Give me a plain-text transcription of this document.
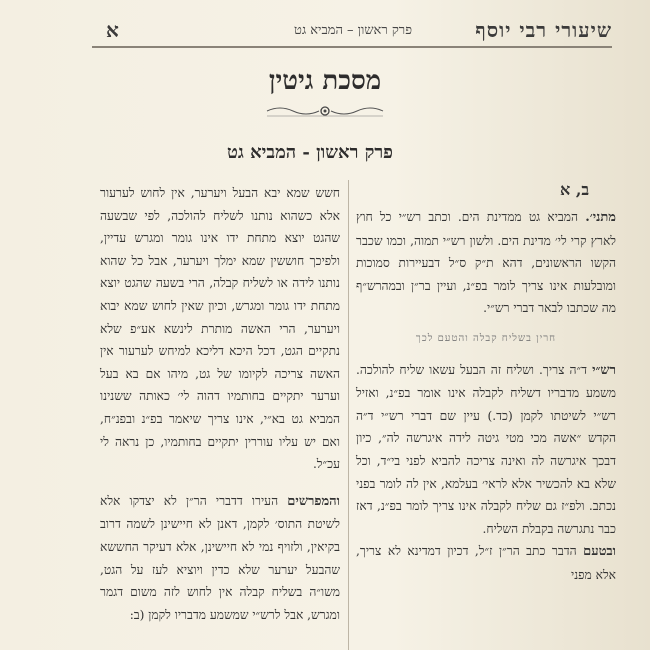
שיעורי רבי יוסף
פרק ראשון – המביא גט
א
מסכת גיטין
פרק ראשון - המביא גט
ב, א

מתני׳. המביא גט ממדינת הים. וכתב רש״י כל חוץ לארץ קרי לי׳ מדינת הים. ולשון רש״י תמוה, וכמו שכבר הקשו הראשונים, דהא ת״ק ס״ל דבעיירות סמוכות ומובלעות אינו צריך לומר בפ״נ, ועיין בר״ן ובמהרש״ף מה שכתבו לבאר דברי רש״י.

חרין בשליח קבלה והטעם לכך

רש״י ד״ה צריך. ושליח זה הבעל עשאו שליח להולכה. משמע מדבריו דשליח לקבלה אינו אומר בפ״נ, ואזיל רש״י לשיטתו לקמן (כד.) עיין שם דברי רש״י ד״ה הקדש ״אשה מכי מטי גיטה לידה איגרשה לה״, כיון דבכך איגרשה לה ואינה צריכה להביא לפני בי״ד, וכל שלא בא להכשיר אלא לראי׳ בעלמא, אין לה לומר בפני נכתב. ולפ״ז גם שליח לקבלה אינו צריך לומר בפ״נ, דאז כבר נתגרשה בקבלת השליח.

ובטעם הדבר כתב הר״ן ז״ל, דכיון דמדינא לא צריך, אלא מפני

חשש שמא יבא הבעל ויערער, אין לחוש לערעור אלא כשהוא נותנו לשליח להולכה, לפי שבשעה שהגט יוצא מתחת ידו אינו גומר ומגרש עדיין, ולפיכך חוששין שמא ימלך ויערער, אבל כל שהוא נותנו לידה או לשליח קבלה, הרי בשעה שהגט יוצא מתחת ידו גומר ומגרש, וכיון שאין לחוש שמא יבוא ויערער, הרי האשה מותרת לינשא אע״פ שלא נתקיים הגט, דכל היכא דליכא למיחש לערעור אין האשה צריכה לקיומו של גט, מיהו אם בא בעל וערער יתקיים בחותמיו דהוה לי׳ כאותה ששנינו המביא גט בא״י, אינו צריך שיאמר בפ״נ ובפנ״ח, ואם יש עליו עוררין יתקיים בחותמיו, כן נראה לי עכ״ל.

והמפרשים העירו דדברי הר״ן לא יצדקו אלא לשיטת התוס׳ לקמן, דאנן לא חיישינן לשמה דרוב בקיאין, ולזויף נמי לא חיישינן, אלא דעיקר החששא שהבעל יערער שלא כדין ויוציא לעז על הגט, משו״ה בשליח קבלה אין לחוש לזה משום דגמר ומגרש, אבל לרש״י שמשמע מדבריו לקמן (ב:
